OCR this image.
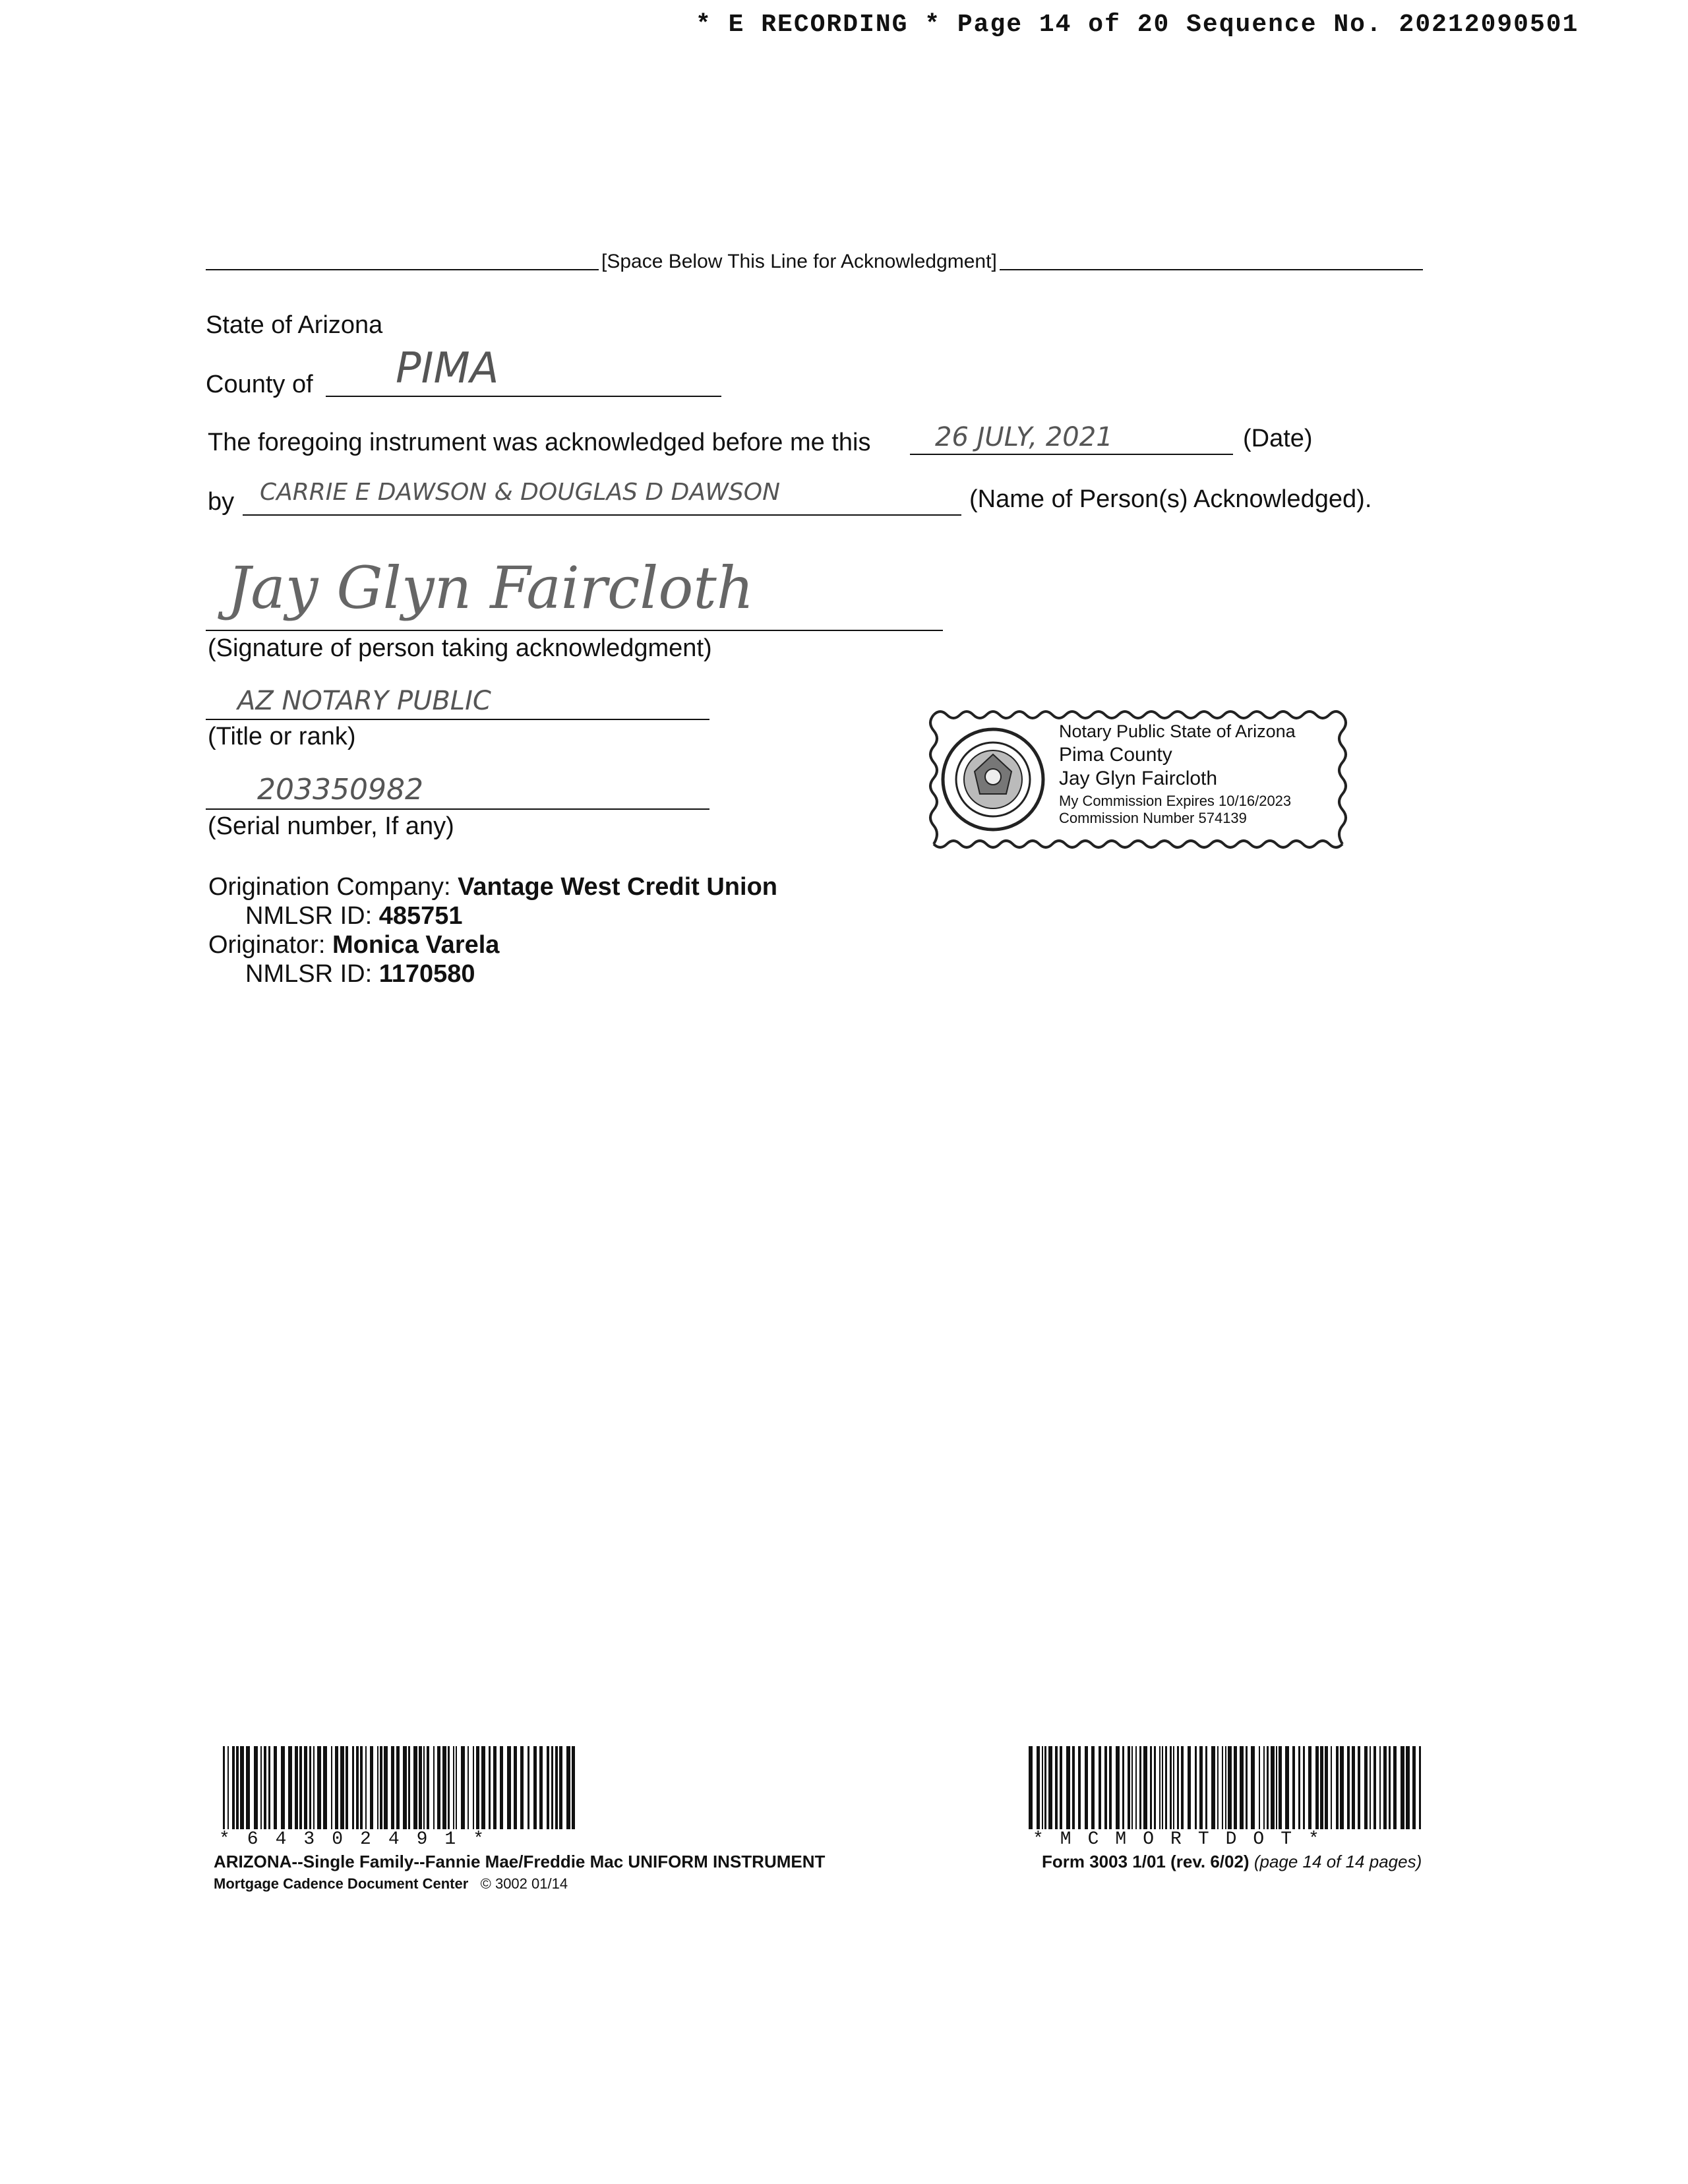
* E RECORDING * Page 14 of 20 Sequence No. 20212090501
[Space Below This Line for Acknowledgment]
State of Arizona
County of PIMA
The foregoing instrument was acknowledged before me this 26 JULY, 2021	(Date)
by CARRIE E DAWSON & DOUGLAS D DAWSON	(Name of Person(s) Acknowledged).
Jay Glyn Faircloth
(Signature of person taking acknowledgment)
AZ NOTARY PUBLIC
(Title or rank)
203350982
(Serial number, If any)
Notary Public State of Arizona
Pima County
Jay Glyn Faircloth
My Commission Expires 10/16/2023
Commission Number 574139
Origination Company: Vantage West Credit Union
NMLSR ID: 485751
Originator: Monica Varela
NMLSR ID: 1170580
*64302491*	*MCMORTDOT*
ARIZONA--Single Family--Fannie Mae/Freddie Mac UNIFORM INSTRUMENT
Mortgage Cadence Document Center © 3002 01/14
Form 3003 1/01 (rev. 6/02) (page 14 of 14 pages)
